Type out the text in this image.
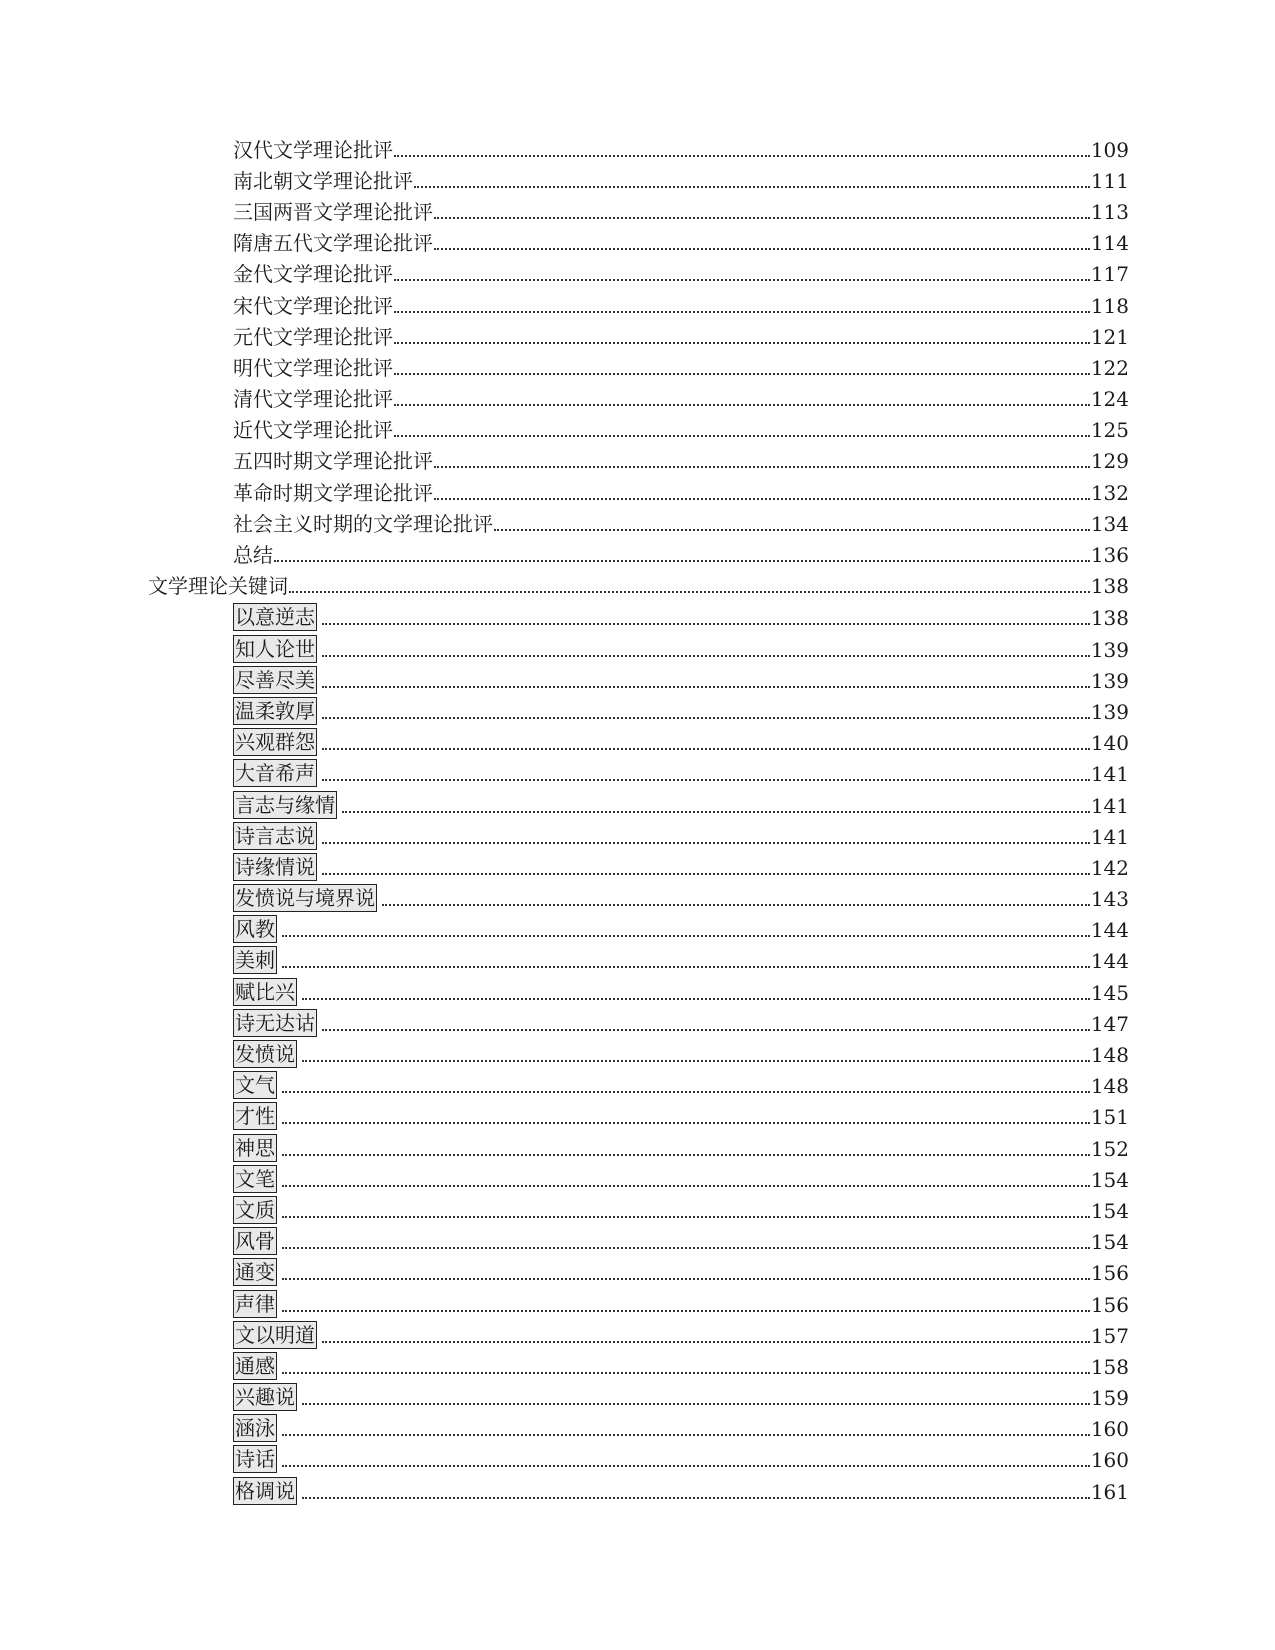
汉代文学理论批评	109
南北朝文学理论批评	111
三国两晋文学理论批评	113
隋唐五代文学理论批评	114
金代文学理论批评	117
宋代文学理论批评	118
元代文学理论批评	121
明代文学理论批评	122
清代文学理论批评	124
近代文学理论批评	125
五四时期文学理论批评	129
革命时期文学理论批评	132
社会主义时期的文学理论批评	134
总结	136
文学理论关键词	138
以意逆志	138
知人论世	139
尽善尽美	139
温柔敦厚	139
兴观群怨	140
大音希声	141
言志与缘情	141
诗言志说	141
诗缘情说	142
发愤说与境界说	143
风教	144
美刺	144
赋比兴	145
诗无达诂	147
发愤说	148
文气	148
才性	151
神思	152
文笔	154
文质	154
风骨	154
通变	156
声律	156
文以明道	157
通感	158
兴趣说	159
涵泳	160
诗话	160
格调说	161
